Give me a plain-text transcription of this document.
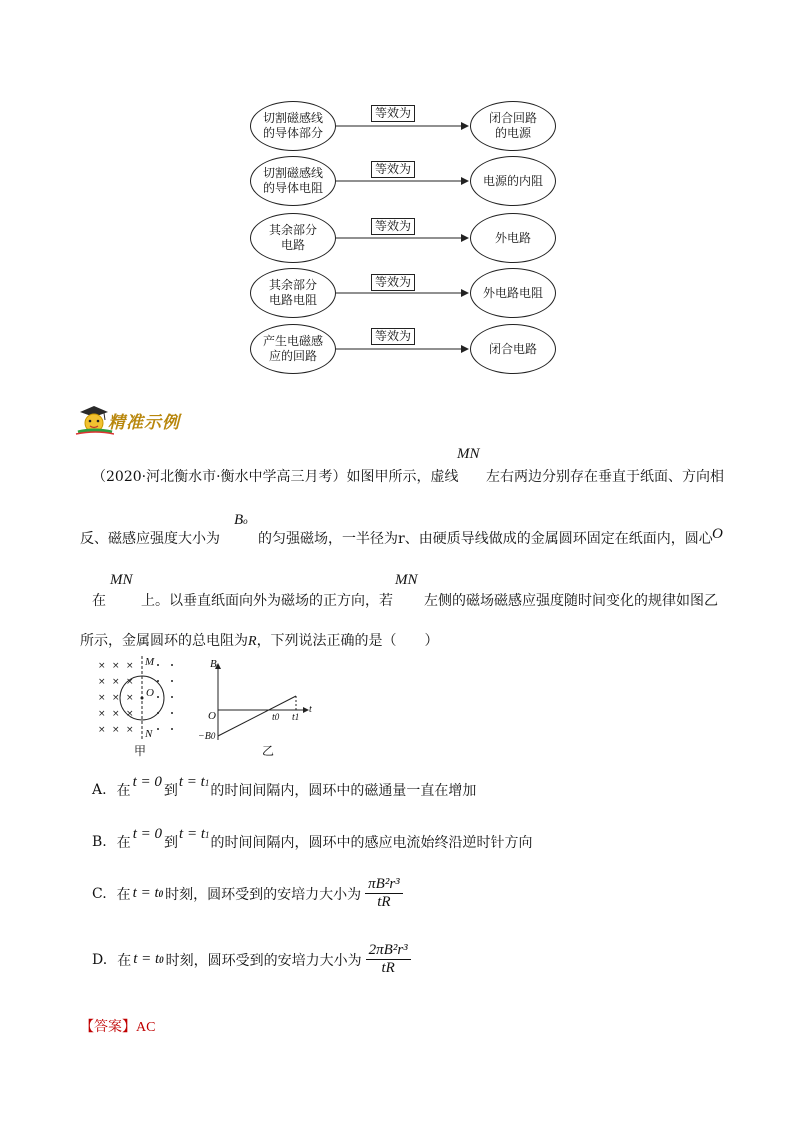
切割磁感线
的导体部分
等效为	闭合回路
的电源
切割磁感线
的导体电阻
等效为
电源的内阻
其余部分
电路
等效为
外电路
其余部分
电路电阻
等效为
外电路电阻
产生电磁感
应的回路
等效为
闭合电路
精准示例
（2020·河北衡水市·衡水中学高三月考）如图甲所示，虚线
MN
左右两边分别存在垂直于纸面、方向相
反、磁感应强度大小为
Bo
的匀强磁场，一半径为r、由硬质导线做成的金属圆环固定在纸面内，圆心 O
在
MN
上。以垂直纸面向外为磁场的正方向，若
MN
左侧的磁场磁感应强度随时间变化的规律如图乙
所示，金属圆环的总电阻为R，下列说法正确的是（　　）
× × ×
× × ×
× × ×
× × ×
× × ×
M
N
O
甲
B
O	t0 t1
t
−B0
乙
A. 在
t = 0
到
t = t1
的时间间隔内，圆环中的磁通量一直在增加
B. 在
t = 0
到
t = t1
的时间间隔内，圆环中的感应电流始终沿逆时针方向
C. 在 t = t0 时刻，圆环受到的安培力大小为 $\frac{\text{πB²r³}}{tR}$
D. 在 t = t0 时刻，圆环受到的安培力大小为 $\frac{\text{2πB²r³}}{tR}$
【答案】AC
